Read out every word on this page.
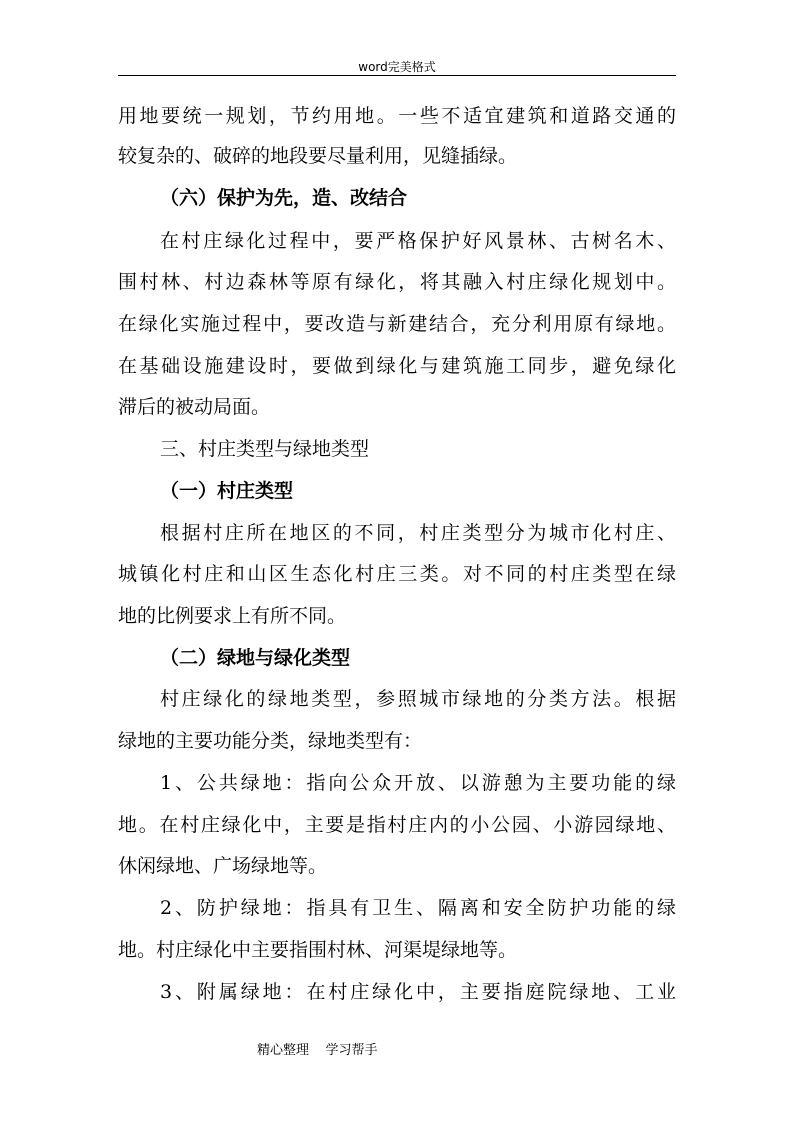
word完美格式
用地要统一规划，节约用地。一些不适宜建筑和道路交通的
较复杂的、破碎的地段要尽量利用，见缝插绿。
（六）保护为先，造、改结合
在村庄绿化过程中，要严格保护好风景林、古树名木、
围村林、村边森林等原有绿化，将其融入村庄绿化规划中。
在绿化实施过程中，要改造与新建结合，充分利用原有绿地。
在基础设施建设时，要做到绿化与建筑施工同步，避免绿化
滞后的被动局面。
三、村庄类型与绿地类型
（一）村庄类型
根据村庄所在地区的不同，村庄类型分为城市化村庄、
城镇化村庄和山区生态化村庄三类。对不同的村庄类型在绿
地的比例要求上有所不同。
（二）绿地与绿化类型
村庄绿化的绿地类型，参照城市绿地的分类方法。根据
绿地的主要功能分类，绿地类型有：
1、公共绿地：指向公众开放、以游憩为主要功能的绿
地。在村庄绿化中，主要是指村庄内的小公园、小游园绿地、
休闲绿地、广场绿地等。
2、防护绿地：指具有卫生、隔离和安全防护功能的绿
地。村庄绿化中主要指围村林、河渠堤绿地等。
3、附属绿地：在村庄绿化中，主要指庭院绿地、工业
精心整理    学习帮手
